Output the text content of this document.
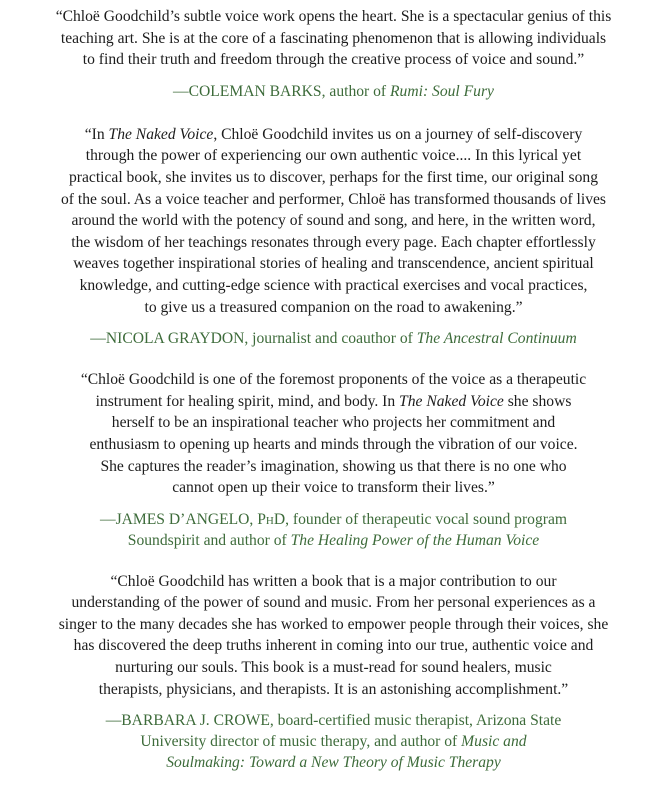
“Chloë Goodchild’s subtle voice work opens the heart. She is a spectacular genius of this
teaching art. She is at the core of a fascinating phenomenon that is allowing individuals
to find their truth and freedom through the creative process of voice and sound.”

—COLEMAN BARKS, author of Rumi: Soul Fury

“In The Naked Voice, Chloë Goodchild invites us on a journey of self-discovery
through the power of experiencing our own authentic voice.... In this lyrical yet
practical book, she invites us to discover, perhaps for the first time, our original song
of the soul. As a voice teacher and performer, Chloë has transformed thousands of lives
around the world with the potency of sound and song, and here, in the written word,
the wisdom of her teachings resonates through every page. Each chapter effortlessly
weaves together inspirational stories of healing and transcendence, ancient spiritual
knowledge, and cutting-edge science with practical exercises and vocal practices,
to give us a treasured companion on the road to awakening.”

—NICOLA GRAYDON, journalist and coauthor of The Ancestral Continuum

“Chloë Goodchild is one of the foremost proponents of the voice as a therapeutic
instrument for healing spirit, mind, and body. In The Naked Voice she shows
herself to be an inspirational teacher who projects her commitment and
enthusiasm to opening up hearts and minds through the vibration of our voice.
She captures the reader’s imagination, showing us that there is no one who
cannot open up their voice to transform their lives.”

—JAMES D’ANGELO, PhD, founder of therapeutic vocal sound program
Soundspirit and author of The Healing Power of the Human Voice

“Chloë Goodchild has written a book that is a major contribution to our
understanding of the power of sound and music. From her personal experiences as a
singer to the many decades she has worked to empower people through their voices, she
has discovered the deep truths inherent in coming into our true, authentic voice and
nurturing our souls. This book is a must-read for sound healers, music
therapists, physicians, and therapists. It is an astonishing accomplishment.”

—BARBARA J. CROWE, board-certified music therapist, Arizona State
University director of music therapy, and author of Music and
Soulmaking: Toward a New Theory of Music Therapy
